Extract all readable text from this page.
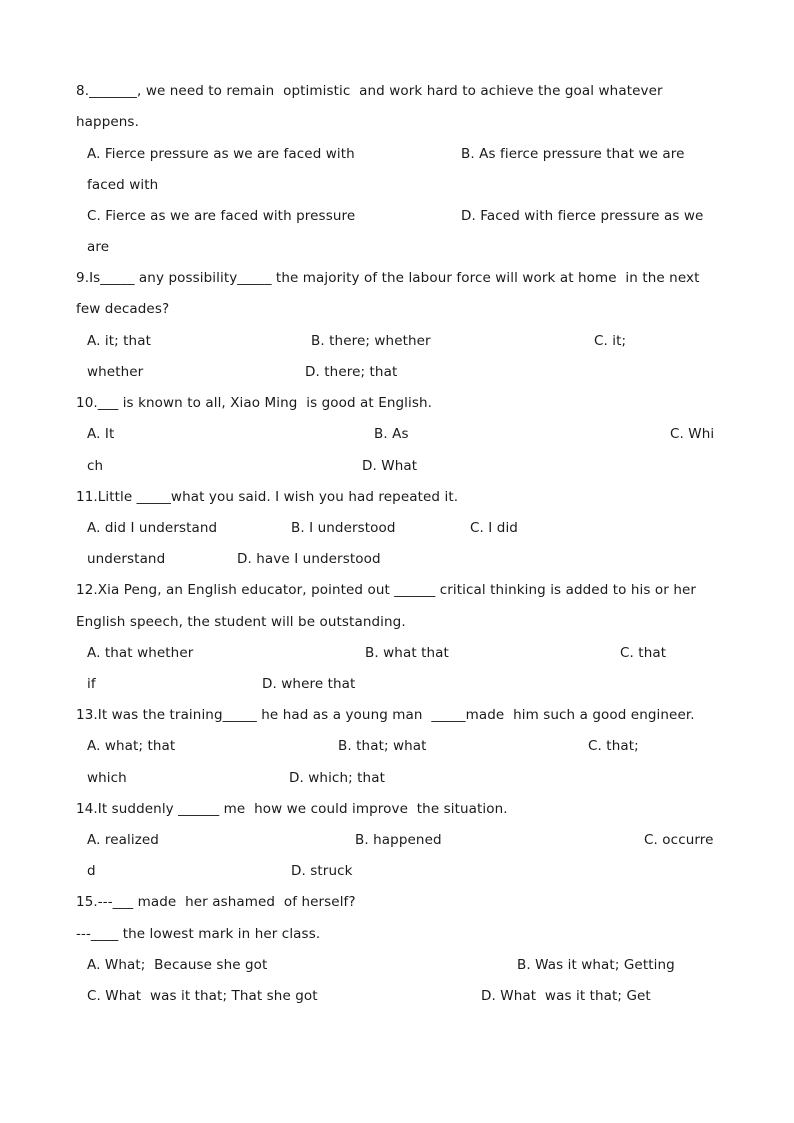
8._______, we need to remain  optimistic  and work hard to achieve the goal whatever
happens.
A. Fierce pressure as we are faced with	B. As fierce pressure that we are
faced with
C. Fierce as we are faced with pressure	D. Faced with fierce pressure as we
are
9.Is_____ any possibility_____ the majority of the labour force will work at home  in the next
few decades?
A. it; that	B. there; whether	C. it;
whether	D. there; that
10.___ is known to all, Xiao Ming  is good at English.
A. It	B. As	C. Whi
ch	D. What
11.Little _____what you said. I wish you had repeated it.
A. did I understand	B. I understood	C. I did
understand	D. have I understood
12.Xia Peng, an English educator, pointed out ______ critical thinking is added to his or her
English speech, the student will be outstanding.
A. that whether	B. what that	C. that
if	D. where that
13.It was the training_____ he had as a young man  _____made  him such a good engineer.
A. what; that	B. that; what	C. that;
which	D. which; that
14.It suddenly ______ me  how we could improve  the situation.
A. realized	B. happened	C. occurre
d	D. struck
15.---___ made  her ashamed  of herself?
---____ the lowest mark in her class.
A. What;  Because she got	B. Was it what; Getting
C. What  was it that; That she got	D. What  was it that; Get
